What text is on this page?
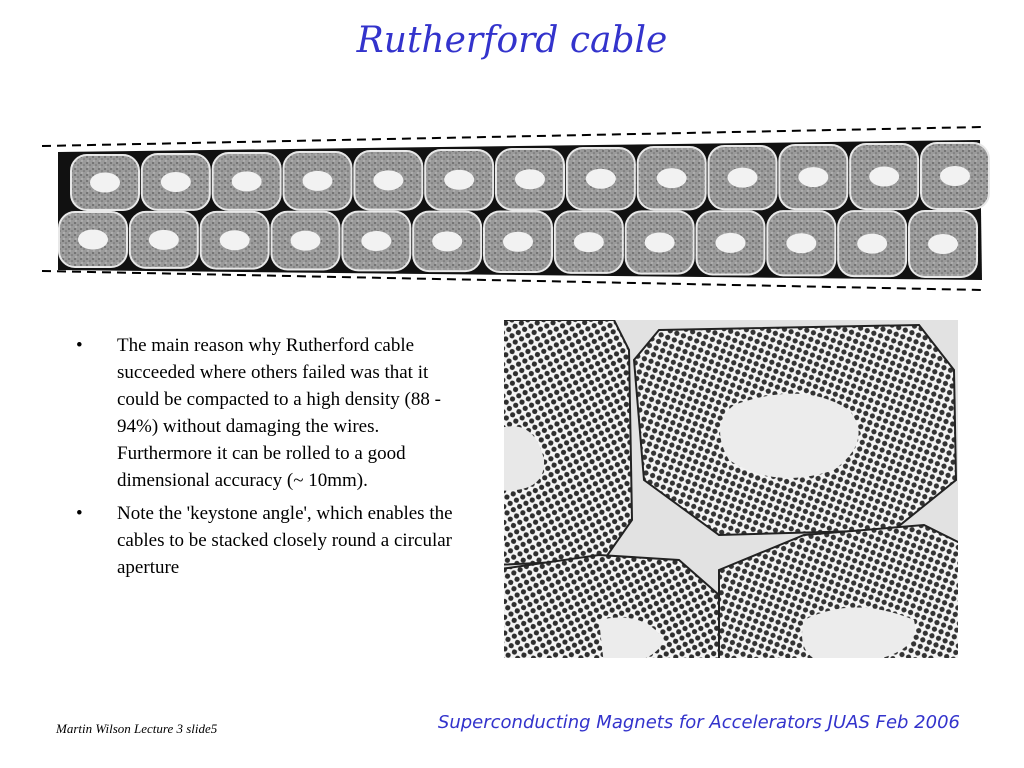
Rutherford cable
•	The main reason why Rutherford cable succeeded where others failed was that it could be compacted to a high density (88 - 94%) without damaging the wires. Furthermore it can be rolled to a good dimensional accuracy (~ 10mm).
•	Note the 'keystone angle', which enables the cables to be stacked closely round a circular aperture
Martin Wilson Lecture 3 slide5	Superconducting Magnets for Accelerators JUAS Feb 2006
